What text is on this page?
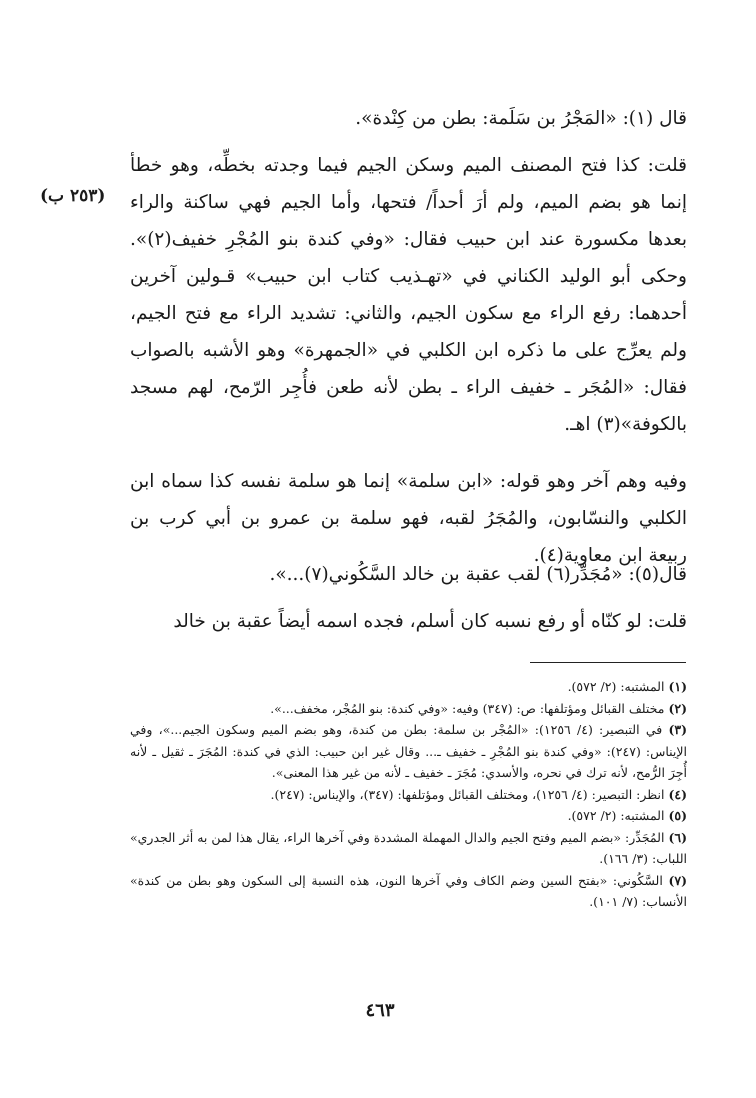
قال (١): «المَجْرُ بن سَلَمة: بطن من كِنْدة».

(٢٥٣ ب)

قلت: كذا فتح المصنف الميم وسكن الجيم فيما وجدته بخطِّه، وهو خطأ إنما هو بضم الميم، ولم أرَ أحداً/ فتحها، وأما الجيم فهي ساكنة والراء بعدها مكسورة عند ابن حبيب فقال: «وفي كندة بنو المُجْرِ خفيف(٢)». وحكى أبو الوليد الكناني في «تهـذيب كتاب ابن حبيب» قـولين آخرين أحدهما: رفع الراء مع سكون الجيم، والثاني: تشديد الراء مع فتح الجيم، ولم يعرِّج على ما ذكره ابن الكلبي في «الجمهرة» وهو الأشبه بالصواب فقال: «المُجَر ـ خفيف الراء ـ بطن لأنه طعن فأُجِر الرّمح، لهم مسجد بالكوفة»(٣) اهـ.

وفيه وهم آخر وهو قوله: «ابن سلمة» إنما هو سلمة نفسه كذا سماه ابن الكلبي والنسّابون، والمُجَرُ لقبه، فهو سلمة بن عمرو بن أبي كرب بن ربيعة ابن معاوية(٤).

قال(٥): «مُجَدِّر(٦) لقب عقبة بن خالد السَّكُوني(٧)...».

قلت: لو كنّاه أو رفع نسبه كان أسلم، فجده اسمه أيضاً عقبة بن خالد

(١) المشتبه: (٢/ ٥٧٢).

(٢) مختلف القبائل ومؤتلفها: ص: (٣٤٧) وفيه: «وفي كندة: بنو المُجْر، مخفف...».

(٣) في التبصير: (٤/ ١٢٥٦): «المُجْر بن سلمة: بطن من كندة، وهو بضم الميم وسكون الجيم...»، وفي الإيناس: (٢٤٧): «وفي كندة بنو المُجْرِ ـ خفيف ـ... وقال غير ابن حبيب: الذي في كندة: المُجَرَ ـ ثقيل ـ لأنه أُجِرَ الرُّمح، لأنه ترك في نحره، والأسدي: مُجَرَ ـ خفيف ـ لأنه من غير هذا المعنى».

(٤) انظر: التبصير: (٤/ ١٢٥٦)، ومختلف القبائل ومؤتلفها: (٣٤٧)، والإيناس: (٢٤٧).

(٥) المشتبه: (٢/ ٥٧٢).

(٦) المُجَدِّر: «بضم الميم وفتح الجيم والدال المهملة المشددة وفي آخرها الراء، يقال هذا لمن به أثر الجدري» اللباب: (٣/ ١٦٦).

(٧) السَّكُوني: «بفتح السين وضم الكاف وفي آخرها النون، هذه النسبة إلى السكون وهو بطن من كندة» الأنساب: (٧/ ١٠١).

٤٦٣
